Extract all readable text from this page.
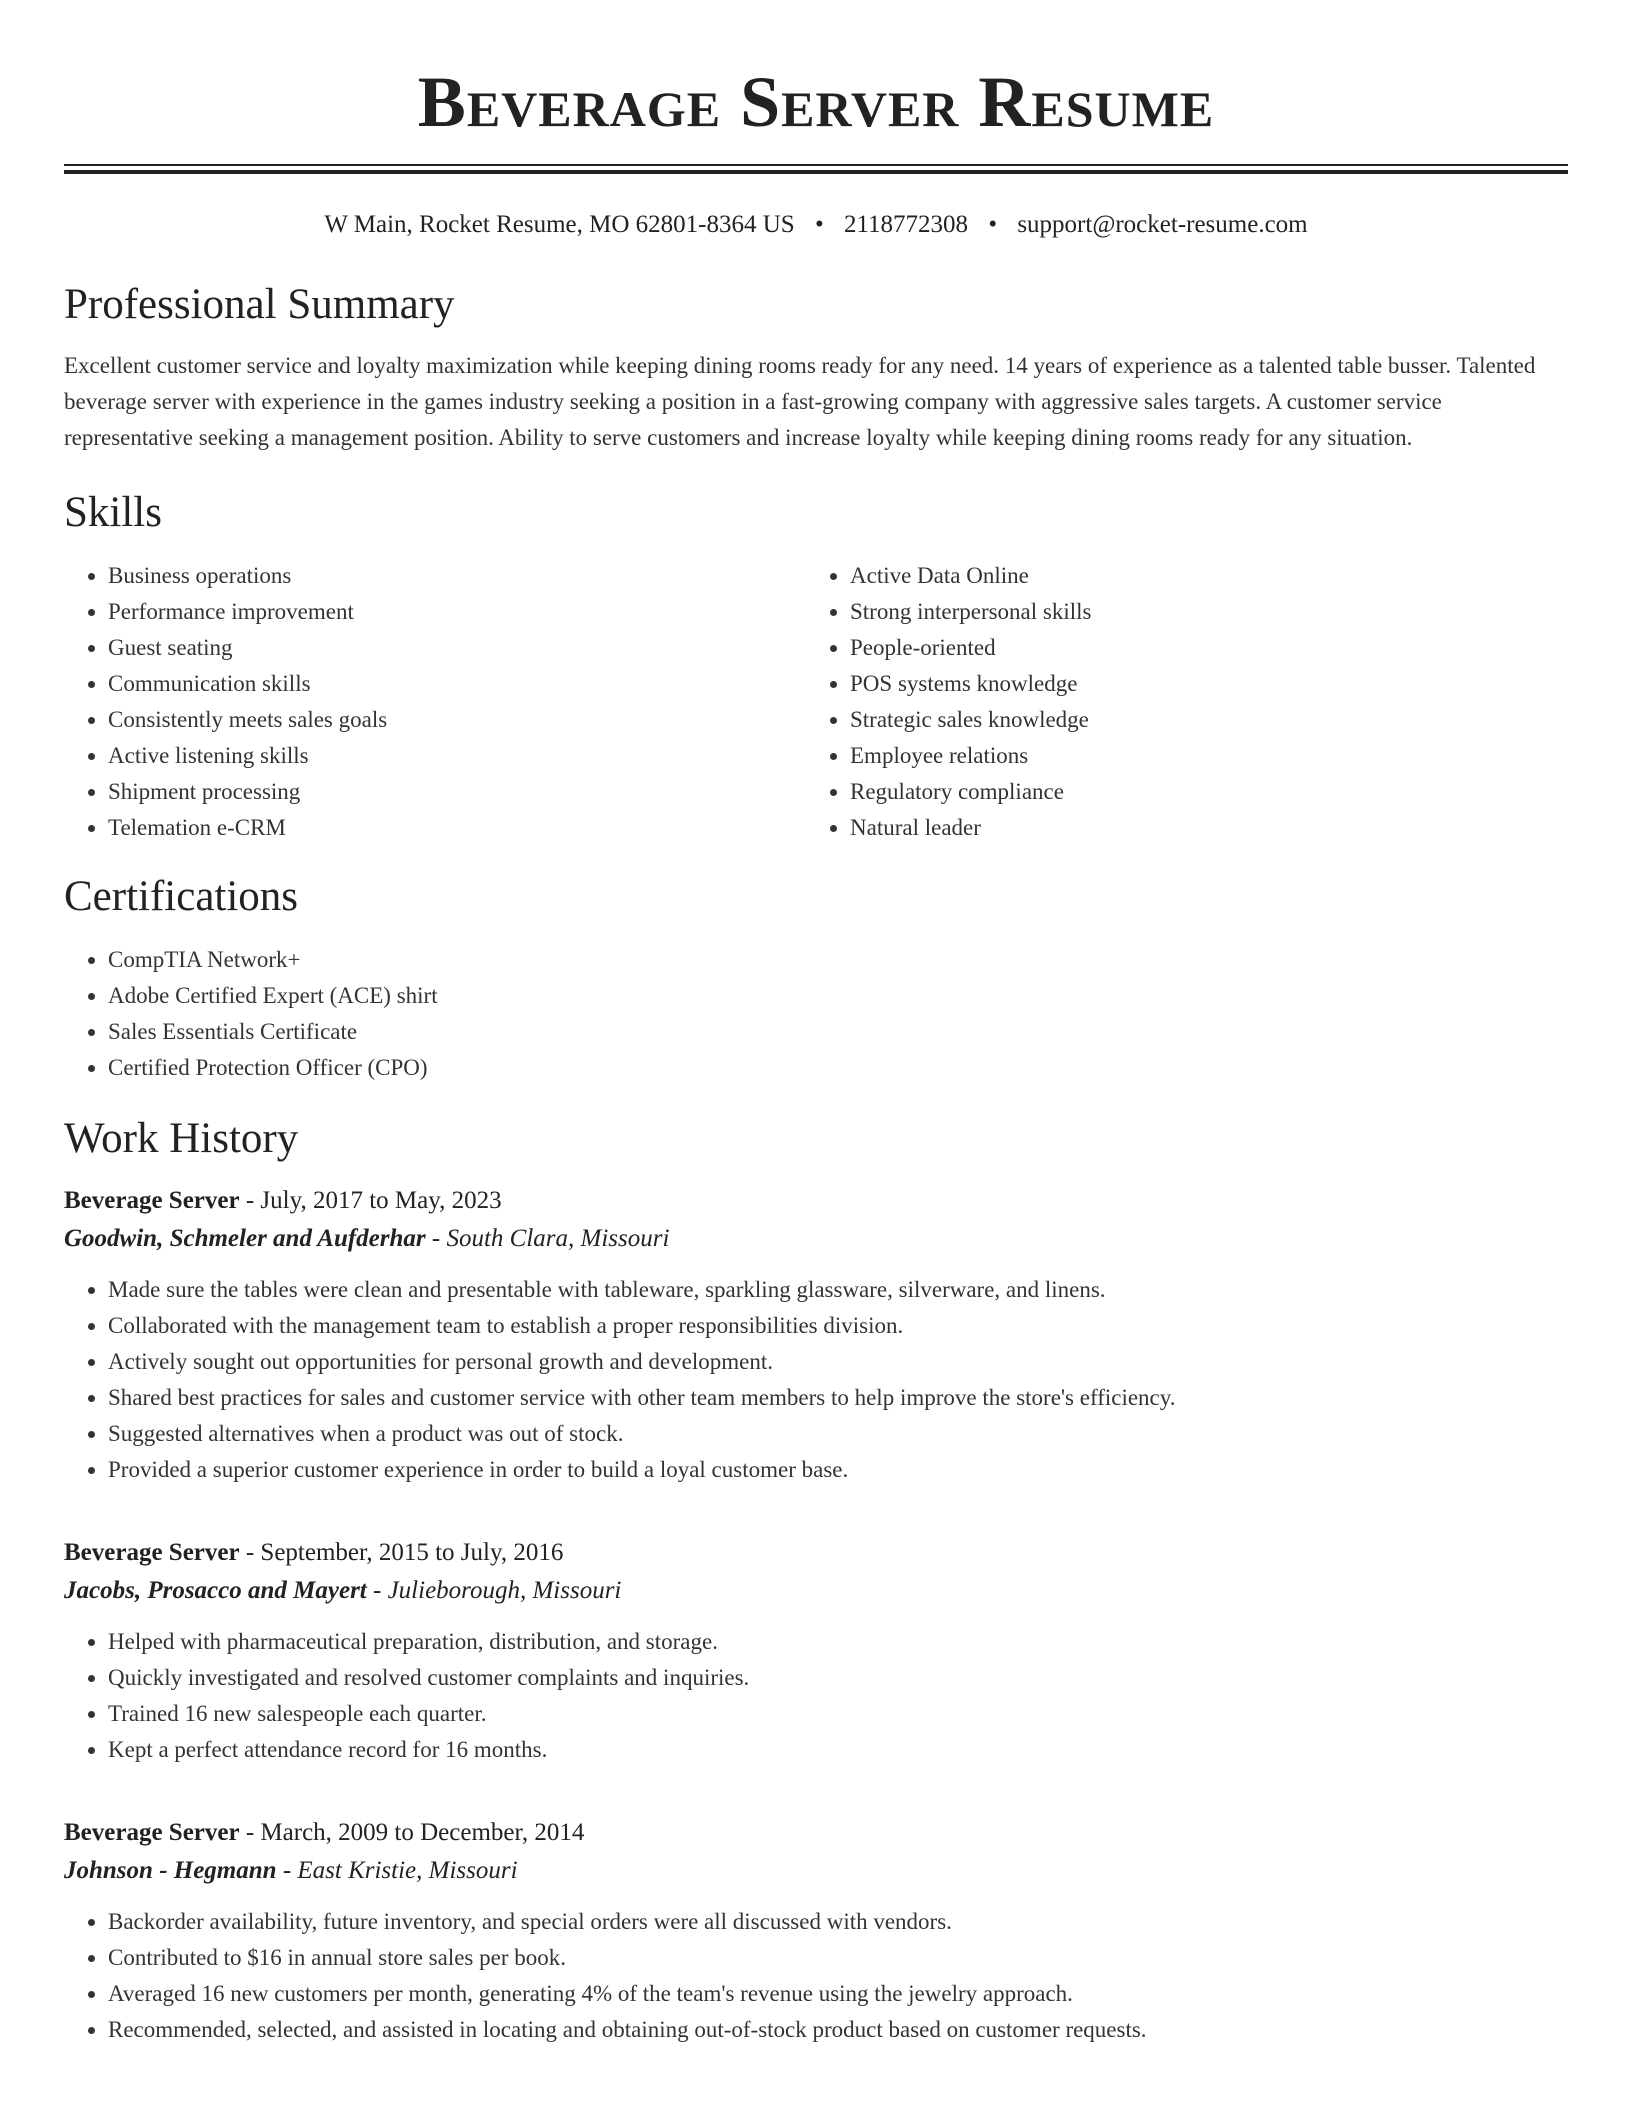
Beverage Server Resume
W Main, Rocket Resume, MO 62801-8364 US • 2118772308 • support@rocket-resume.com
Professional Summary

Excellent customer service and loyalty maximization while keeping dining rooms ready for any need. 14 years of experience as a talented table busser. Talented beverage server with experience in the games industry seeking a position in a fast-growing company with aggressive sales targets. A customer service representative seeking a management position. Ability to serve customers and increase loyalty while keeping dining rooms ready for any situation.

Skills
• Business operations
• Performance improvement
• Guest seating
• Communication skills
• Consistently meets sales goals
• Active listening skills
• Shipment processing
• Telemation e-CRM
• Active Data Online
• Strong interpersonal skills
• People-oriented
• POS systems knowledge
• Strategic sales knowledge
• Employee relations
• Regulatory compliance
• Natural leader
Certifications
• CompTIA Network+
• Adobe Certified Expert (ACE) shirt
• Sales Essentials Certificate
• Certified Protection Officer (CPO)
Work History
Beverage Server - July, 2017 to May, 2023
Goodwin, Schmeler and Aufderhar - South Clara, Missouri
• Made sure the tables were clean and presentable with tableware, sparkling glassware, silverware, and linens.
• Collaborated with the management team to establish a proper responsibilities division.
• Actively sought out opportunities for personal growth and development.
• Shared best practices for sales and customer service with other team members to help improve the store's efficiency.
• Suggested alternatives when a product was out of stock.
• Provided a superior customer experience in order to build a loyal customer base.
Beverage Server - September, 2015 to July, 2016
Jacobs, Prosacco and Mayert - Julieborough, Missouri
• Helped with pharmaceutical preparation, distribution, and storage.
• Quickly investigated and resolved customer complaints and inquiries.
• Trained 16 new salespeople each quarter.
• Kept a perfect attendance record for 16 months.
Beverage Server - March, 2009 to December, 2014
Johnson - Hegmann - East Kristie, Missouri
• Backorder availability, future inventory, and special orders were all discussed with vendors.
• Contributed to $16 in annual store sales per book.
• Averaged 16 new customers per month, generating 4% of the team's revenue using the jewelry approach.
• Recommended, selected, and assisted in locating and obtaining out-of-stock product based on customer requests.
